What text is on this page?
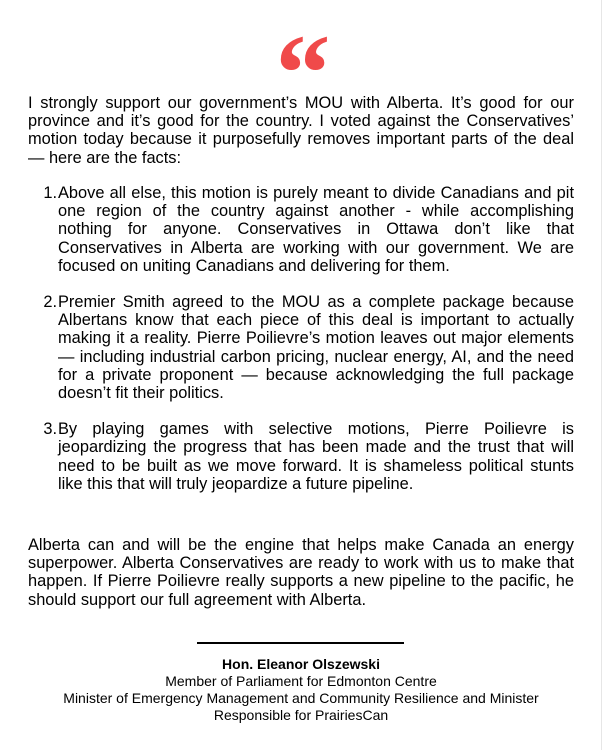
“

I strongly support our government’s MOU with Alberta. It’s good for our province and it’s good for the country. I voted against the Conservatives’ motion today because it purposefully removes important parts of the deal — here are the facts:

1. Above all else, this motion is purely meant to divide Canadians and pit one region of the country against another - while accomplishing nothing for anyone. Conservatives in Ottawa don’t like that Conservatives in Alberta are working with our government. We are focused on uniting Canadians and delivering for them.
2. Premier Smith agreed to the MOU as a complete package because Albertans know that each piece of this deal is important to actually making it a reality. Pierre Poilievre’s motion leaves out major elements — including industrial carbon pricing, nuclear energy, AI, and the need for a private proponent — because acknowledging the full package doesn’t fit their politics.
3. By playing games with selective motions, Pierre Poilievre is jeopardizing the progress that has been made and the trust that will need to be built as we move forward. It is shameless political stunts like this that will truly jeopardize a future pipeline.

Alberta can and will be the engine that helps make Canada an energy superpower. Alberta Conservatives are ready to work with us to make that happen. If Pierre Poilievre really supports a new pipeline to the pacific, he should support our full agreement with Alberta.

Hon. Eleanor Olszewski

Member of Parliament for Edmonton Centre

Minister of Emergency Management and Community Resilience and Minister

Responsible for PrairiesCan
